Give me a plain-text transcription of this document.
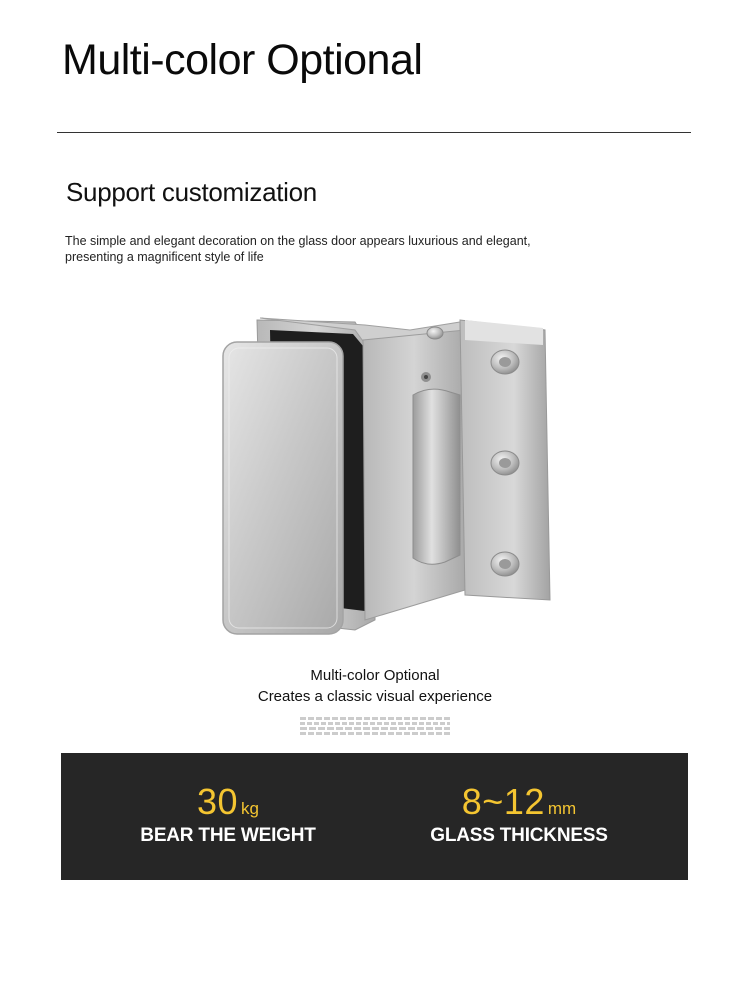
Multi-color Optional
Support customization

The simple and elegant decoration on the glass door appears luxurious and elegant, presenting a magnificent style of life

Multi-color Optional

Creates a classic visual experience

30 kg
BEAR THE WEIGHT
8~12 mm
GLASS THICKNESS
